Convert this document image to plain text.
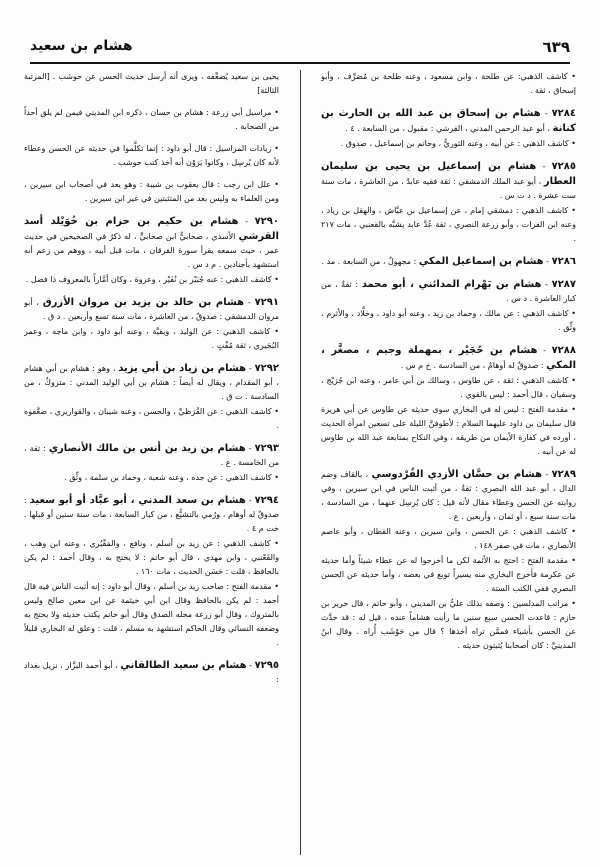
٦٣٩
هشام بن سعيد

• كاشف الذهبي: عن طلحة ، وابن مسعود ، وعنه طلحة بن مُصَرِّف ، وأبو إسحاق ، ثقة .

٧٢٨٤ - هشام بن إسحاق بن عبد الله بن الحارث بن كنانة ، أبو عبد الرحمن المدني ، القرشي : مقبول ، من السابعة . ٤ .

• كاشف الذهبي : عن أبيه ، وعنه الثوريُّ ، وحاتم بن إسماعيل ، صدوق .

٧٢٨٥ - هشام بن إسماعيل بن يحيى بن سليمان العطار ، أبو عبد الملك الدمشقي : ثقة فقيه عابدٌ ، من العاشرة ، مات سنة ست عشرة . د ت س .

• كاشف الذهبي : دمشقي إمام ، عن إسماعيل بن عيَّاش ، والهقل بن زياد ، وعنه ابن الفرات ، وأبو زرعة النصري ، ثقة عُدَّ عابد يشبَّه بالقعنبي ، مات ٢١٧ .

٧٢٨٦ - هشام بن إسماعيل المكي : مجهولٌ ، من السابعة . مد .

٧٢٨٧ - هشام بن بَهْرام المدائني ، أبو محمد : ثقةٌ ، من كبار العاشرة . د س .

• كاشف الذهبي : عن مالك ، وحماد بن زيد ، وعنه أبو داود ، وخلَّاد ، والأثرم ، وثِّق .

٧٢٨٨ - هشام بن حُجَيْر ، بمهملة وجيم ، مصغَّر ، المكي : صدوقٌ له أوهامٌ ، من السادسة . خ م س .

• كاشف الذهبي : ثقة ، عن طاوس ، وسالك بن أبي عامر ، وعنه ابن جُرَيْج ، وسفيان ، قال أحمد : ليس بالقوي .

• مقدمة الفتح : ليس له في البخاري سوى حديثه عن طاوس عن أبي هريرة قال سليمان بن داود عليهما السلام : لأطوفنَّ الليلة على تسعين امرأة الحديث ، أورده في كفارة الأيمان من طريقه ، وفي النكاح بمتابعة عبد الله بن طاوس له عن أبيه .

٧٢٨٩ - هشام بن حسَّان الأزدي القُرْدوسي ، بالقاف وضم الدال ، أبو عبد الله البصري : ثقةٌ ، من أثبت الناس في ابن سيرين ، وفي روايته عن الحسن وعطاء مقال لأنه قيل : كان يُرسِل عنهما ، من السادسة ، مات سنة سبع ، أو ثمان ، وأربعين . ع .

• كاشف الذهبي : عن الحسن ، وابن سيرين ، وعنه القطان ، وأبو عاصم الأنصاري ، مات في صفر ١٤٨ .

• مقدمة الفتح : احتج به الأئمة لكن ما أخرجوا له عن عطاء شيئاً وأما حديثه عن عكرمة فأخرج البخاري منه يسيراً توبع في بعضه ، وأما حديثه عن الحسن البصري ففي الكتب الستة .

• مراتب المدلسين : وصفه بذلك عليُّ بن المديني ، وأبو حاتم ، قال جرير بن حازم : قاعدت الحسن سبع سنين ما رأيت هشاماً عنده ، قيل له : قد حدَّث عن الحسن بأشياء فممَّن تراه أخذها ؟ قال من حَوْشَب أُراه . وقال ابنُ المدينيِّ : كان أصحابنا يُثبتون حديثه .

يحيى بن سعيد يُضعِّفه ، ويرى أنه أرسل حديث الحسن عن حوشب . [المرتبة الثالثة]

• مراسيل أبي زرعة : هشام بن حسان ، ذكره ابن المديني فيمن لم يلق أحداً من الصحابة .

• زيادات المراسيل : قال أبو داود : إنما تكلَّموا في حديثه عن الحسن وعطاء لأنه كان يُرسِل ، وكانوا يَرَوْن أنه أخذ كتب حوشب .

• علل ابن رجب : قال يعقوب بن شيبة : وهو يعد في أصحاب ابن سيرين ، ومن العلماء به وليس بعد من المتثبتين في غير ابن سيرين .

٧٢٩٠ - هشام بن حكيم بن حزام بن خُوَيْلد أسد القرشي الأسدي ، صحابيٌّ ابن صحابيٍّ ، له ذكرٌ في الصحيحين في حديث عمر ، حيث سمعه يقرأ سورة الفرقان ، مات قبل أبيه ، ووهم من زعم أنه استشهد بأجنادين . م د س .

• كاشف الذهبي : عنه جُبَيْر بن نُفَيْر ، وعروة ، وكان أمَّاراً بالمعروف ذا فضل .

٧٢٩١ - هشام بن خالد بن يزيد بن مروان الأزرق ، أبو مروان الدمشقي : صدوقٌ ، من العاشرة ، مات سنة تسع وأربعين . د ق .

• كاشف الذهبي : عن الوليد ، وبقيَّة ، وعنه أبو داود ، وابن ماجه ، وعمر البُجَيري ، ثقة مُفْتٍ .

٧٢٩٢ - هشام بن زياد بن أبي يزيد ، وهو : هشام بن أبي هشام ، أبو المقدام ، ويقال له أيضاً : هشام بن أبي الوليد المدني : متروكٌ ، من السادسة . ت ق .

• كاشف الذهبي : عن القُرَظيِّ ، والحسن ، وعنه شيبان ، والقواريري ، ضعَّفوه .

٧٢٩٣ - هشام بن زيد بن أنس بن مالك الأنصاري : ثقة ، من الخامسة . ع .

• كاشف الذهبي : عن جده ، وعنه شعبة ، وحماد بن سلمة ، وثِّق .

٧٢٩٤ - هشام بن سعد المدني ، أبو عبَّاد أو أبو سعيد : صدوقٌ له أوهام ، ورُمي بالتشيُّع ، من كبار السابعة ، مات سنة ستين أو قبلها . خت م ٤ .

• كاشف الذهبي : عن زيد بن أسلم ، ونافع ، والمَقْبُري ، وعنه ابن وهب ، والقَعْنبي ، وابن مهدي ، قال أبو حاتم : لا يحتج به ، وقال أحمد : لم يكن بالحافظ ، قلت : حَسَن الحديث ، مات ١٦٠ .

• مقدمة الفتح : صاحب زيد بن أسلم ، وقال أبو داود : إنه أثبت الناس فيه قال أحمد : لم يكن بالحافظ وقال ابن أبي خيثمة عن ابن معين صالح وليس بالمتروك ، وقال أبو زرعة محله الصدق وقال أبو حاتم يكتب حديثه ولا يحتج به وضعفه النسائي وقال الحاكم استشهد به مسلم ، قلت : وعلق له البخاري قليلاً .

٧٢٩٥ - هشام بن سعيد الطالقاني ، أبو أحمد البزَّار ، نزيل بغداد :
